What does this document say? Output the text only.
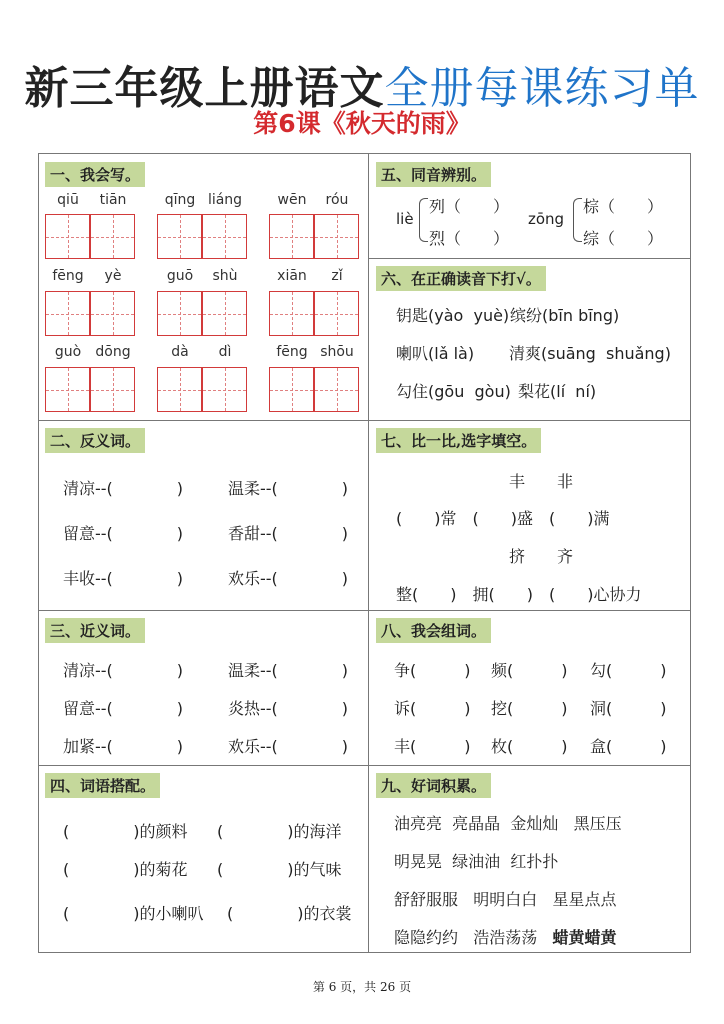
新三年级上册语文全册每课练习单
第6课《秋天的雨》
一、我会写。
qiū	tiān	qīng liáng	wēn	róu
fēng	yè	guō	shù	xiān	zǐ
guò	dōng	dà	dì	fēng shōu
五、同音辨别。
liè
列（　　）
烈（　　）
zōng
棕（　　）
综（　　）
六、在正确读音下打√。
钥匙(yào  yuè) 缤纷(bīn bīng)
喇叭(lǎ là) 清爽(suāng  shuǎng)
勾住(gōu  gòu) 梨花(lí  ní)
二、反义词。
清凉--(　　　　)	温柔--(　　　　)
留意--(　　　　)	香甜--(　　　　)
丰收--(　　　　)	欢乐--(　　　　)
七、比一比,选字填空。
丰　　非
(　　)常　(　　)盛　(　　)满
挤　　齐
整(　　)　拥(　　)　(　　)心协力
三、近义词。
清凉--(　　　　)	温柔--(　　　　)
留意--(　　　　)	炎热--(　　　　)
加紧--(　　　　)	欢乐--(　　　　)
八、我会组词。
争(　　　) 频(　　　) 勾(　　　)
诉(　　　) 挖(　　　) 洞(　　　)
丰(　　　) 枚(　　　) 盒(　　　)
四、词语搭配。
(　　　　)的颜料 (　　　　)的海洋
(　　　　)的菊花 (　　　　)的气味
(　　　　)的小喇叭 (　　　　)的衣裳
九、好词积累。
油亮亮  亮晶晶  金灿灿   黑压压
明晃晃  绿油油  红扑扑
舒舒服服   明明白白   星星点点
隐隐约约   浩浩荡荡   蜡黄蜡黄
第 6 页，共 26 页
